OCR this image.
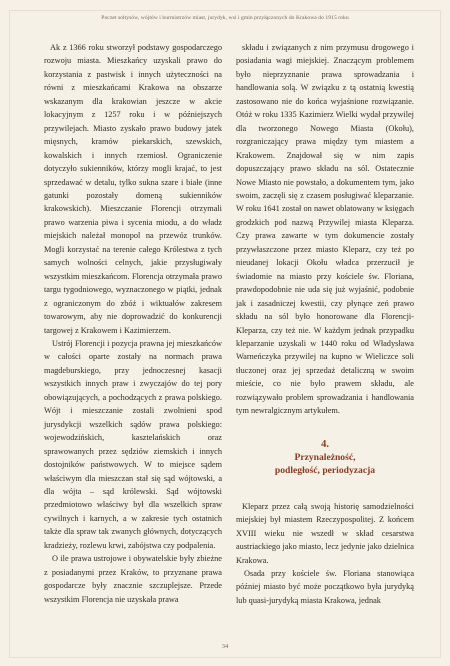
Poczet sołtysów, wójtów i burmistrzów miast, jurydyk, wsi i gmin przyłączonych do Krakowa do 1915 roku

Ak z 1366 roku stworzył podstawy gospodarczego rozwoju miasta. Mieszkańcy uzyskali prawo do korzystania z pastwisk i innych użyteczności na równi z mieszkańcami Krakowa na obszarze wskazanym dla krakowian jeszcze w akcie lokacyjnym z 1257 roku i w późniejszych przywilejach. Miasto zyskało prawo budowy jatek mięsnych, kramów piekarskich, szewskich, kowalskich i innych rzemiosł. Ograniczenie dotyczyło sukienników, którzy mogli krajać, to jest sprzedawać w detalu, tylko sukna szare i białe (inne gatunki pozostały domeną sukienników krakowskich). Mieszczanie Florencji otrzymali prawo warzenia piwa i sycenia miodu, a do władz miejskich należał monopol na przewóz trunków. Mogli korzystać na terenie całego Królestwa z tych samych wolności celnych, jakie przysługiwały wszystkim mieszkańcom. Florencja otrzymała prawo targu tygodniowego, wyznaczonego w piątki, jednak z ograniczonym do zbóż i wiktuałów zakresem towarowym, aby nie doprowadzić do konkurencji targowej z Krakowem i Kazimierzem.

Ustrój Florencji i pozycja prawna jej mieszkańców w całości oparte zostały na normach prawa magdeburskiego, przy jednoczesnej kasacji wszystkich innych praw i zwyczajów do tej pory obowiązujących, a pochodzących z prawa polskiego. Wójt i mieszczanie zostali zwolnieni spod jurysdykcji wszelkich sądów prawa polskiego: wojewodzińskich, kasztelańskich oraz sprawowanych przez sędziów ziemskich i innych dostojników państwowych. W to miejsce sądem właściwym dla mieszczan stał się sąd wójtowski, a dla wójta – sąd królewski. Sąd wójtowski przedmiotowo właściwy był dla wszelkich spraw cywilnych i karnych, a w zakresie tych ostatnich także dla spraw tak zwanych głównych, dotyczących kradzieży, rozlewu krwi, zabójstwa czy podpalenia.

O ile prawa ustrojowe i obywatelskie były zbieżne z posiadanymi przez Kraków, to przyznane prawa gospodarcze były znacznie szczuplejsze. Przede wszystkim Florencja nie uzyskała prawa

składu i związanych z nim przymusu drogowego i posiadania wagi miejskiej. Znaczącym problemem było nieprzyznanie prawa sprowadzania i handlowania solą. W związku z tą ostatnią kwestią zastosowano nie do końca wyjaśnione rozwiązanie. Otóż w roku 1335 Kazimierz Wielki wydał przywilej dla tworzonego Nowego Miasta (Okołu), rozgraniczający prawa między tym miastem a Krakowem. Znajdował się w nim zapis dopuszczający prawo składu na sól. Ostatecznie Nowe Miasto nie powstało, a dokumentem tym, jako swoim, zaczęli się z czasem posługiwać kleparzanie. W roku 1641 został on nawet oblatowany w księgach grodzkich pod nazwą Przywilej miasta Kleparza. Czy prawa zawarte w tym dokumencie zostały przywłaszczone przez miasto Kleparz, czy też po nieudanej lokacji Okołu władca przerzucił je świadomie na miasto przy kościele św. Floriana, prawdopodobnie nie uda się już wyjaśnić, podobnie jak i zasadniczej kwestii, czy płynące zeń prawo składu na sól było honorowane dla Florencji-Kleparza, czy też nie. W każdym jednak przypadku kleparzanie uzyskali w 1440 roku od Władysława Warneńczyka przywilej na kupno w Wieliczce soli tłuczonej oraz jej sprzedaż detaliczną w swoim mieście, co nie było prawem składu, ale rozwiązywało problem sprowadzania i handlowania tym newralgicznym artykułem.

4.
Przynależność,
podległość, periodyzacja

Kleparz przez całą swoją historię samodzielności miejskiej był miastem Rzeczypospolitej. Z końcem XVIII wieku nie wszedł w skład cesarstwa austriackiego jako miasto, lecz jedynie jako dzielnica Krakowa.

Osada przy kościele św. Floriana stanowiąca później miasto być może początkowo była jurydyką lub quasi-jurydyką miasta Krakowa, jednak

34
